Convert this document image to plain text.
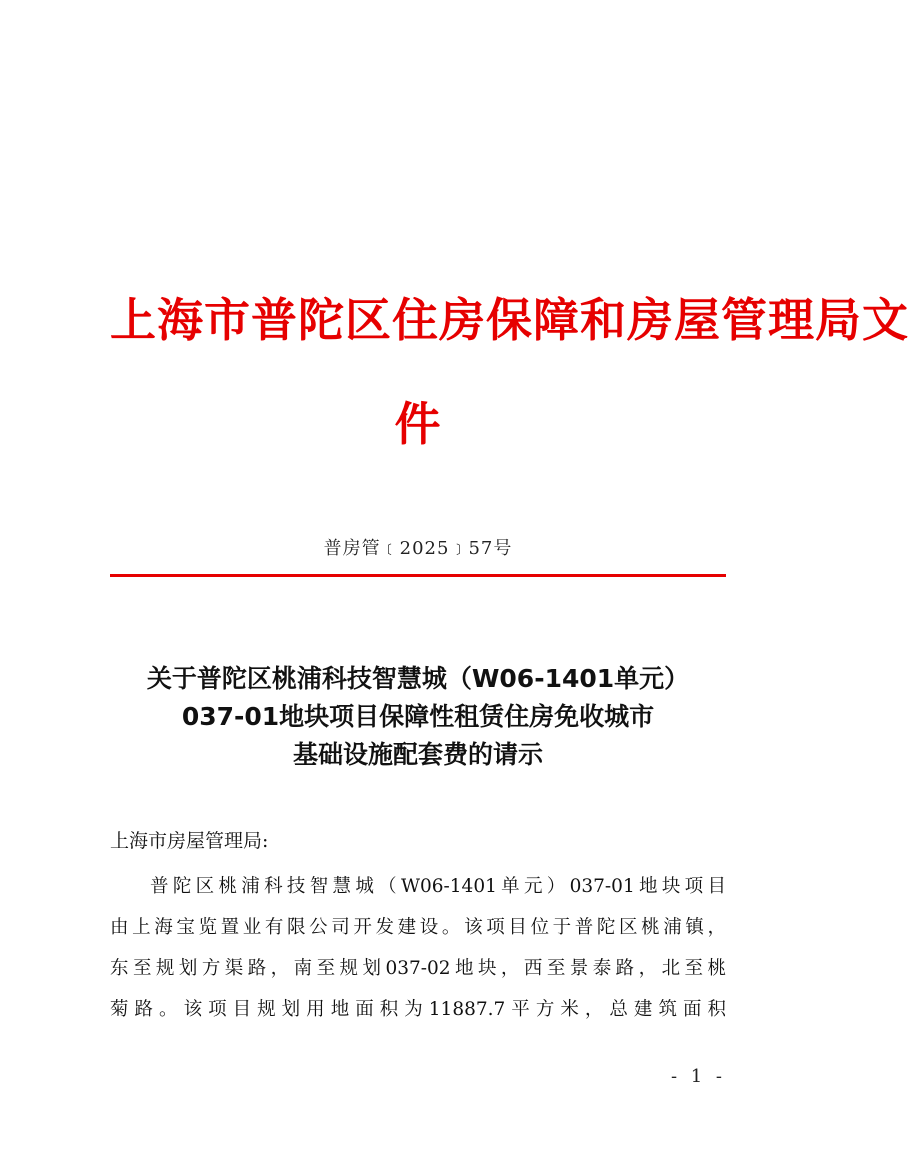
上海市普陀区住房保障和房屋管理局文
件
普房管﹝2025﹞57号
关于普陀区桃浦科技智慧城（W06-1401单元）
037-01地块项目保障性租赁住房免收城市
基础设施配套费的请示
上海市房屋管理局:
普陀区桃浦科技智慧城（W06-1401单元）037-01地块项目
由上海宝览置业有限公司开发建设。该项目位于普陀区桃浦镇，
东至规划方渠路，南至规划037-02地块，西至景泰路，北至桃
菊路。该项目规划用地面积为11887.7平方米，总建筑面积
- 1 -
